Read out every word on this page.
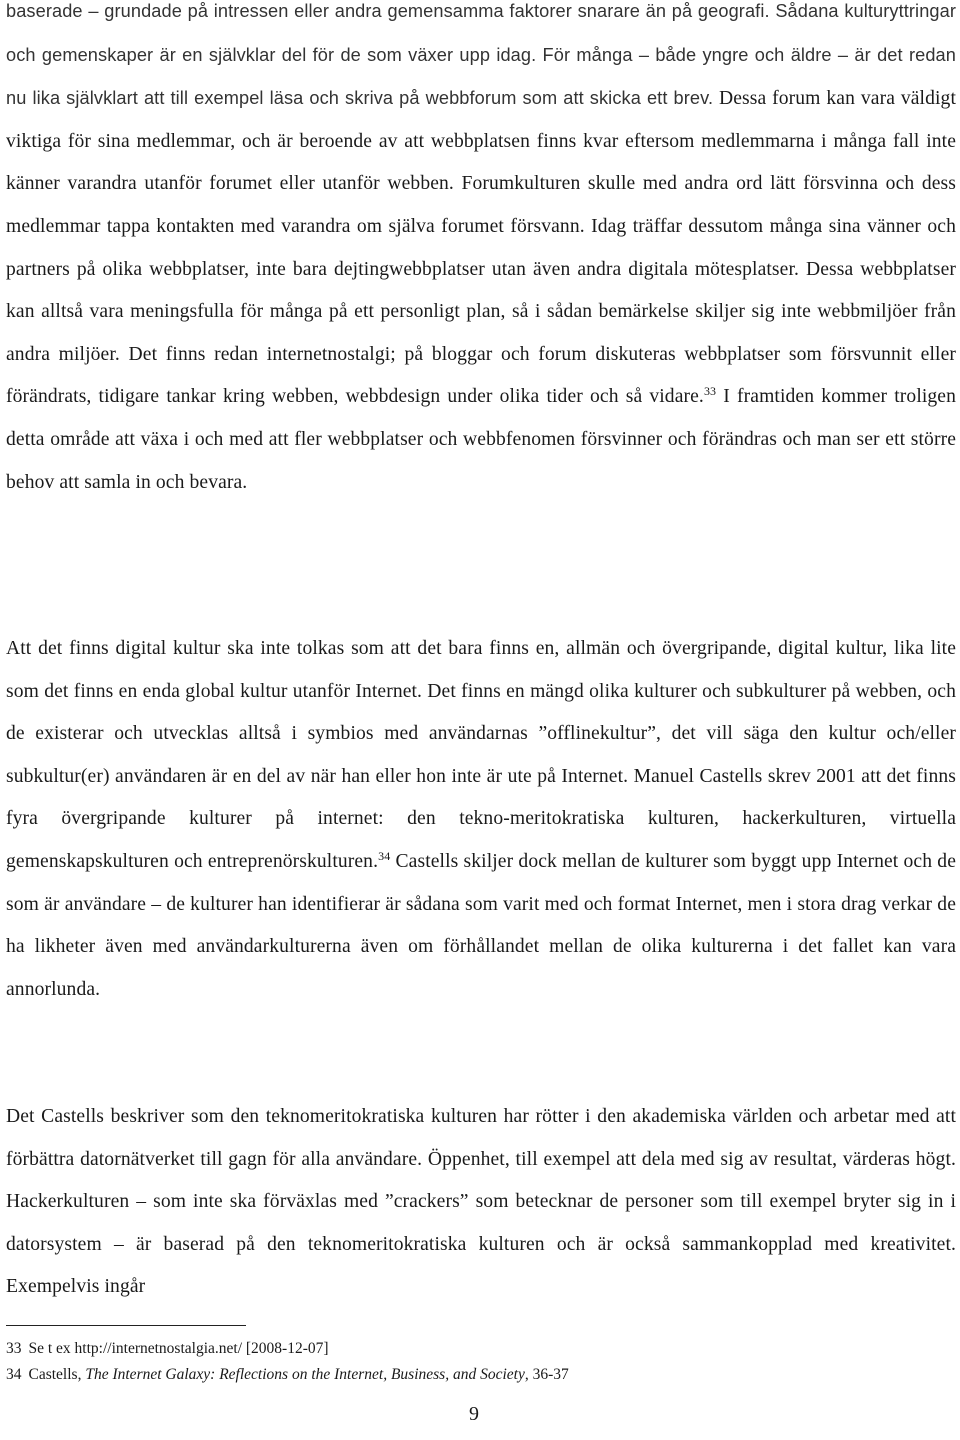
baserade – grundade på intressen eller andra gemensamma faktorer snarare än på geografi. Sådana kulturyttringar och gemenskaper är en självklar del för de som växer upp idag. För många – både yngre och äldre – är det redan nu lika självklart att till exempel läsa och skriva på webbforum som att skicka ett brev. Dessa forum kan vara väldigt viktiga för sina medlemmar, och är beroende av att webbplatsen finns kvar eftersom medlemmarna i många fall inte känner varandra utanför forumet eller utanför webben. Forumkulturen skulle med andra ord lätt försvinna och dess medlemmar tappa kontakten med varandra om själva forumet försvann. Idag träffar dessutom många sina vänner och partners på olika webbplatser, inte bara dejtingwebbplatser utan även andra digitala mötesplatser. Dessa webbplatser kan alltså vara meningsfulla för många på ett personligt plan, så i sådan bemärkelse skiljer sig inte webbmiljöer från andra miljöer. Det finns redan internetnostalgi; på bloggar och forum diskuteras webbplatser som försvunnit eller förändrats, tidigare tankar kring webben, webbdesign under olika tider och så vidare.$^{33}$ I framtiden kommer troligen detta område att växa i och med att fler webbplatser och webbfenomen försvinner och förändras och man ser ett större behov att samla in och bevara.

Att det finns digital kultur ska inte tolkas som att det bara finns en, allmän och övergripande, digital kultur, lika lite som det finns en enda global kultur utanför Internet. Det finns en mängd olika kulturer och subkulturer på webben, och de existerar och utvecklas alltså i symbios med användarnas ”offlinekultur”, det vill säga den kultur och/eller subkultur(er) användaren är en del av när han eller hon inte är ute på Internet. Manuel Castells skrev 2001 att det finns fyra övergripande kulturer på internet: den tekno-meritokratiska kulturen, hackerkulturen, virtuella gemenskapskulturen och entreprenörskulturen.$^{34}$ Castells skiljer dock mellan de kulturer som byggt upp Internet och de som är användare – de kulturer han identifierar är sådana som varit med och format Internet, men i stora drag verkar de ha likheter även med användarkulturerna även om förhållandet mellan de olika kulturerna i det fallet kan vara annorlunda.

Det Castells beskriver som den teknomeritokratiska kulturen har rötter i den akademiska världen och arbetar med att förbättra datornätverket till gagn för alla användare. Öppenhet, till exempel att dela med sig av resultat, värderas högt. Hackerkulturen – som inte ska förväxlas med ”crackers” som betecknar de personer som till exempel bryter sig in i datorsystem – är baserad på den teknomeritokratiska kulturen och är också sammankopplad med kreativitet. Exempelvis ingår

33 Se t ex http://internetnostalgia.net/ [2008-12-07]
34 Castells, The Internet Galaxy: Reflections on the Internet, Business, and Society, 36-37
9
